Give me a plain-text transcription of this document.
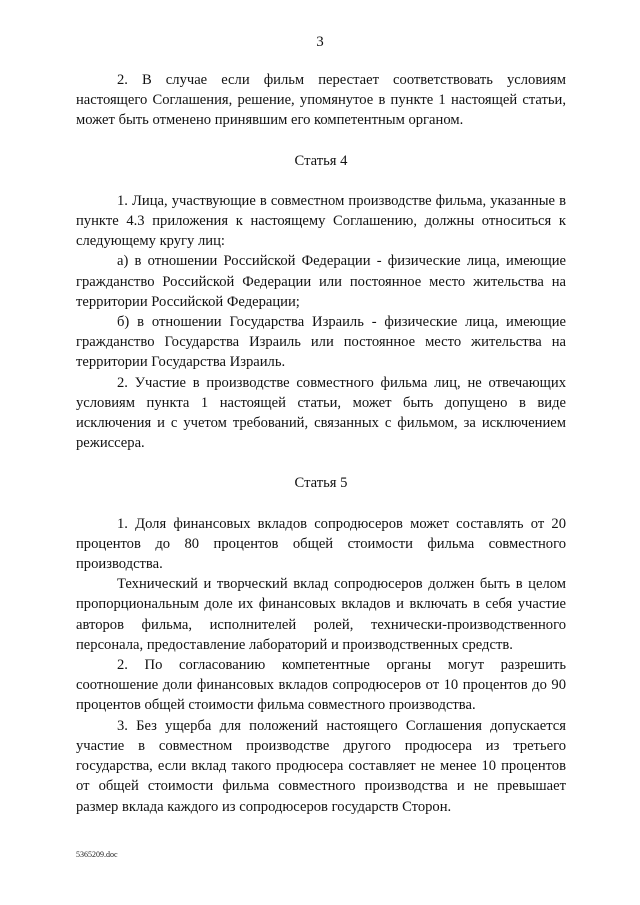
3

2. В случае если фильм перестает соответствовать условиям настоящего Соглашения, решение, упомянутое в пункте 1 настоящей статьи, может быть отменено принявшим его компетентным органом.

Статья 4

1. Лица, участвующие в совместном производстве фильма, указанные в пункте 4.3 приложения к настоящему Соглашению, должны относиться к следующему кругу лиц:

а) в отношении Российской Федерации - физические лица, имеющие гражданство Российской Федерации или постоянное место жительства на территории Российской Федерации;

б) в отношении Государства Израиль - физические лица, имеющие гражданство Государства Израиль или постоянное место жительства на территории Государства Израиль.

2. Участие в производстве совместного фильма лиц, не отвечающих условиям пункта 1 настоящей статьи, может быть допущено в виде исключения и с учетом требований, связанных с фильмом, за исключением режиссера.

Статья 5

1. Доля финансовых вкладов сопродюсеров может составлять от 20 процентов до 80 процентов общей стоимости фильма совместного производства.

Технический и творческий вклад сопродюсеров должен быть в целом пропорциональным доле их финансовых вкладов и включать в себя участие авторов фильма, исполнителей ролей, технически-производственного персонала, предоставление лабораторий и производственных средств.

2. По согласованию компетентные органы могут разрешить соотношение доли финансовых вкладов сопродюсеров от 10 процентов до 90 процентов общей стоимости фильма совместного производства.

3. Без ущерба для положений настоящего Соглашения допускается участие в совместном производстве другого продюсера из третьего государства, если вклад такого продюсера составляет не менее 10 процентов от общей стоимости фильма совместного производства и не превышает размер вклада каждого из сопродюсеров государств Сторон.

5365209.doc
